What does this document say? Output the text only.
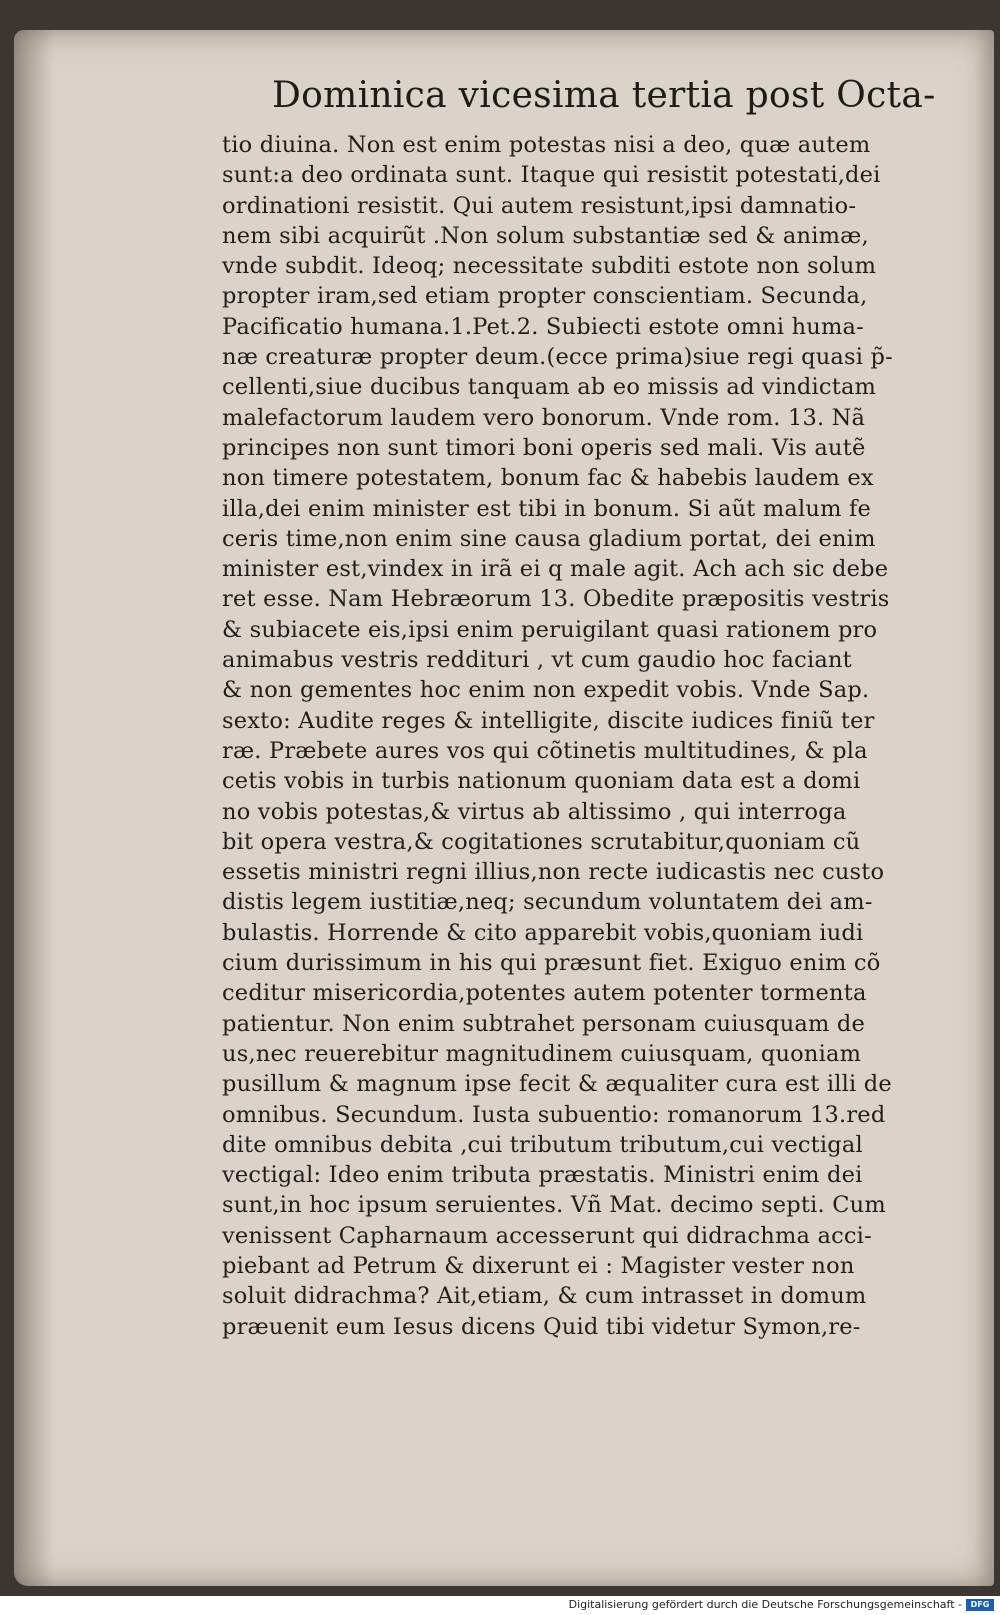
Dominica vicesima tertia post Octa-
tio diuina. Non est enim potestas nisi a deo, quæ autem
sunt:a deo ordinata sunt. Itaque qui resistit potestati,dei
ordinationi resistit. Qui autem resistunt,ipsi damnatio-
nem sibi acquirũt .Non solum substantiæ sed & animæ,
vnde subdit. Ideoq; necessitate subditi estote non solum
propter iram,sed etiam propter conscientiam. Secunda,
Pacificatio humana.1.Pet.2. Subiecti estote omni huma-
næ creaturæ propter deum.(ecce prima)siue regi quasi p̃-
cellenti,siue ducibus tanquam ab eo missis ad vindictam
malefactorum laudem vero bonorum. Vnde rom. 13. Nã
principes non sunt timori boni operis sed mali. Vis autẽ
non timere potestatem, bonum fac & habebis laudem ex
illa,dei enim minister est tibi in bonum. Si aũt malum fe
ceris time,non enim sine causa gladium portat, dei enim
minister est,vindex in irã ei q male agit. Ach ach sic debe
ret esse. Nam Hebræorum 13. Obedite præpositis vestris
& subiacete eis,ipsi enim peruigilant quasi rationem pro
animabus vestris reddituri , vt cum gaudio hoc faciant
& non gementes hoc enim non expedit vobis. Vnde Sap.
sexto: Audite reges & intelligite, discite iudices finiũ ter
ræ. Præbete aures vos qui cõtinetis multitudines, & pla
cetis vobis in turbis nationum quoniam data est a domi
no vobis potestas,& virtus ab altissimo , qui interroga
bit opera vestra,& cogitationes scrutabitur,quoniam cũ
essetis ministri regni illius,non recte iudicastis nec custo
distis legem iustitiæ,neq; secundum voluntatem dei am-
bulastis. Horrende & cito apparebit vobis,quoniam iudi
cium durissimum in his qui præsunt fiet. Exiguo enim cõ
ceditur misericordia,potentes autem potenter tormenta
patientur. Non enim subtrahet personam cuiusquam de
us,nec reuerebitur magnitudinem cuiusquam, quoniam
pusillum & magnum ipse fecit & æqualiter cura est illi de
omnibus. Secundum. Iusta subuentio: romanorum 13.red
dite omnibus debita ,cui tributum tributum,cui vectigal
vectigal: Ideo enim tributa præstatis. Ministri enim dei
sunt,in hoc ipsum seruientes. Vñ Mat. decimo septi. Cum
venissent Capharnaum accesserunt qui didrachma acci-
piebant ad Petrum & dixerunt ei : Magister vester non
soluit didrachma? Ait,etiam, & cum intrasset in domum
præuenit eum Iesus dicens Quid tibi videtur Symon,re-
Digitalisierung gefördert durch die Deutsche Forschungsgemeinschaft -	DFG
